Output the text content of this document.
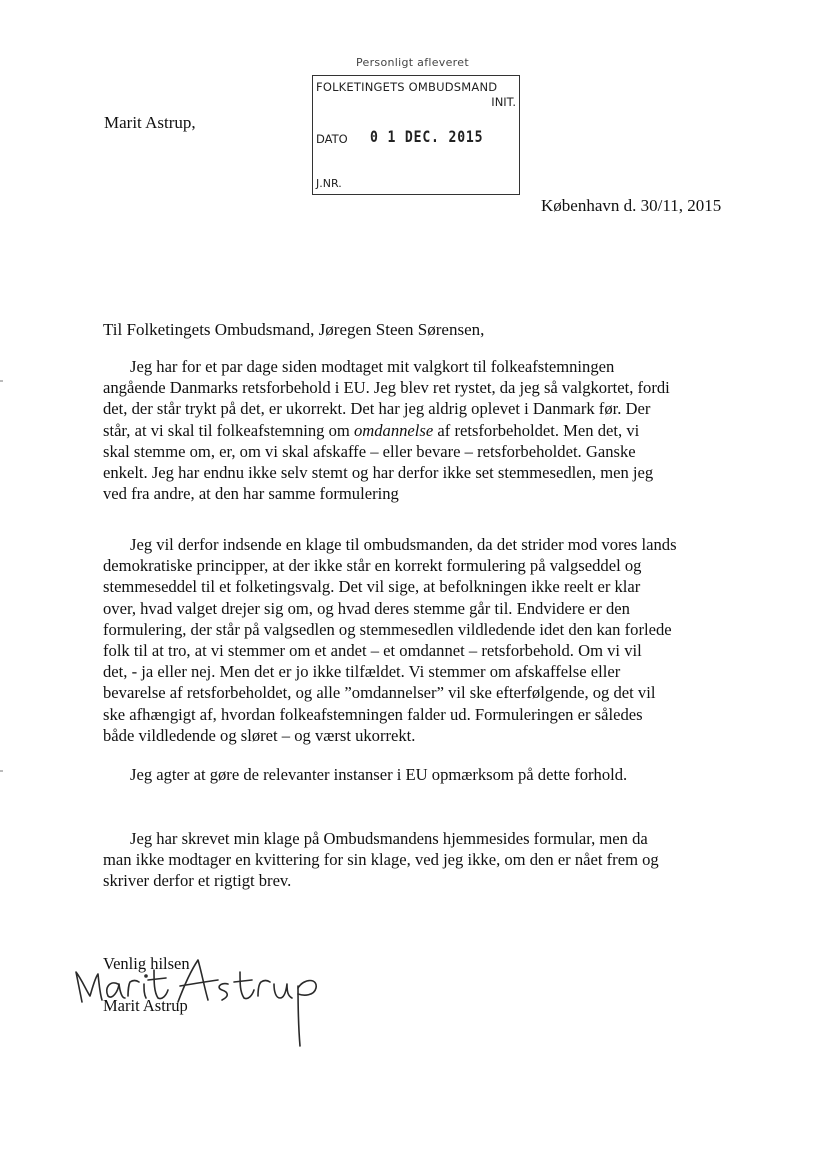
Personligt afleveret
FOLKETINGETS OMBUDSMAND
INIT.
DATO 0 1 DEC. 2015
J.NR.
Marit Astrup,
København d. 30/11, 2015
Til Folketingets Ombudsmand, Jøregen Steen Sørensen,

Jeg har for et par dage siden modtaget mit valgkort til folkeafstemningen
angående Danmarks retsforbehold i EU. Jeg blev ret rystet, da jeg så valgkortet, fordi
det, der står trykt på det, er ukorrekt. Det har jeg aldrig oplevet i Danmark før. Der
står, at vi skal til folkeafstemning om omdannelse af retsforbeholdet. Men det, vi
skal stemme om, er, om vi skal afskaffe – eller bevare – retsforbeholdet. Ganske
enkelt. Jeg har endnu ikke selv stemt og har derfor ikke set stemmesedlen, men jeg
ved fra andre, at den har samme formulering

Jeg vil derfor indsende en klage til ombudsmanden, da det strider mod vores lands
demokratiske principper, at der ikke står en korrekt formulering på valgseddel og
stemmeseddel til et folketingsvalg. Det vil sige, at befolkningen ikke reelt er klar
over, hvad valget drejer sig om, og hvad deres stemme går til. Endvidere er den
formulering, der står på valgsedlen og stemmesedlen vildledende idet den kan forlede
folk til at tro, at vi stemmer om et andet – et omdannet – retsforbehold. Om vi vil
det, - ja eller nej. Men det er jo ikke tilfældet. Vi stemmer om afskaffelse eller
bevarelse af retsforbeholdet, og alle ”omdannelser” vil ske efterfølgende, og det vil
ske afhængigt af, hvordan folkeafstemningen falder ud. Formuleringen er således
både vildledende og sløret – og værst ukorrekt.

Jeg agter at gøre de relevanter instanser i EU opmærksom på dette forhold.

Jeg har skrevet min klage på Ombudsmandens hjemmesides formular, men da
man ikke modtager en kvittering for sin klage, ved jeg ikke, om den er nået frem og
skriver derfor et rigtigt brev.

Venlig hilsen
Marit Astrup
